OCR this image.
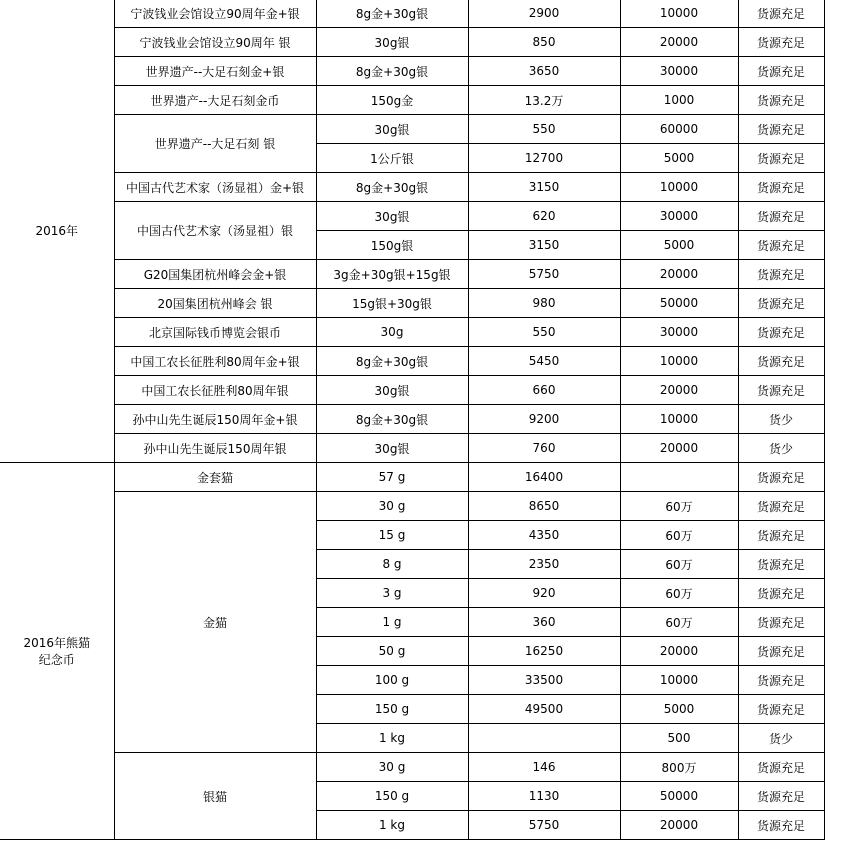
2016年	宁波钱业会馆设立90周年金+银	8g金+30g银	2900	10000	货源充足
	宁波钱业会馆设立90周年 银	30g银	850	20000	货源充足
	世界遗产--大足石刻金+银	8g金+30g银	3650	30000	货源充足
	世界遗产--大足石刻金币	150g金	13.2万	1000	货源充足
	世界遗产--大足石刻 银	30g银	550	60000	货源充足
		1公斤银	12700	5000	货源充足
	中国古代艺术家（汤显祖）金+银	8g金+30g银	3150	10000	货源充足
	中国古代艺术家（汤显祖）银	30g银	620	30000	货源充足
		150g银	3150	5000	货源充足
	G20国集团杭州峰会金+银	3g金+30g银+15g银	5750	20000	货源充足
	20国集团杭州峰会 银	15g银+30g银	980	50000	货源充足
	北京国际钱币博览会银币	30g	550	30000	货源充足
	中国工农长征胜利80周年金+银	8g金+30g银	5450	10000	货源充足
	中国工农长征胜利80周年银	30g银	660	20000	货源充足
	孙中山先生诞辰150周年金+银	8g金+30g银	9200	10000	货少
	孙中山先生诞辰150周年银	30g银	760	20000	货少
2016年熊猫
纪念币	金套猫	57 g	16400		货源充足
	金猫	30 g	8650	60万	货源充足
		15 g	4350	60万	货源充足
		8 g	2350	60万	货源充足
		3 g	920	60万	货源充足
		1 g	360	60万	货源充足
		50 g	16250	20000	货源充足
		100 g	33500	10000	货源充足
		150 g	49500	5000	货源充足
		1 kg		500	货少
	银猫	30 g	146	800万	货源充足
		150 g	1130	50000	货源充足
		1 kg	5750	20000	货源充足
